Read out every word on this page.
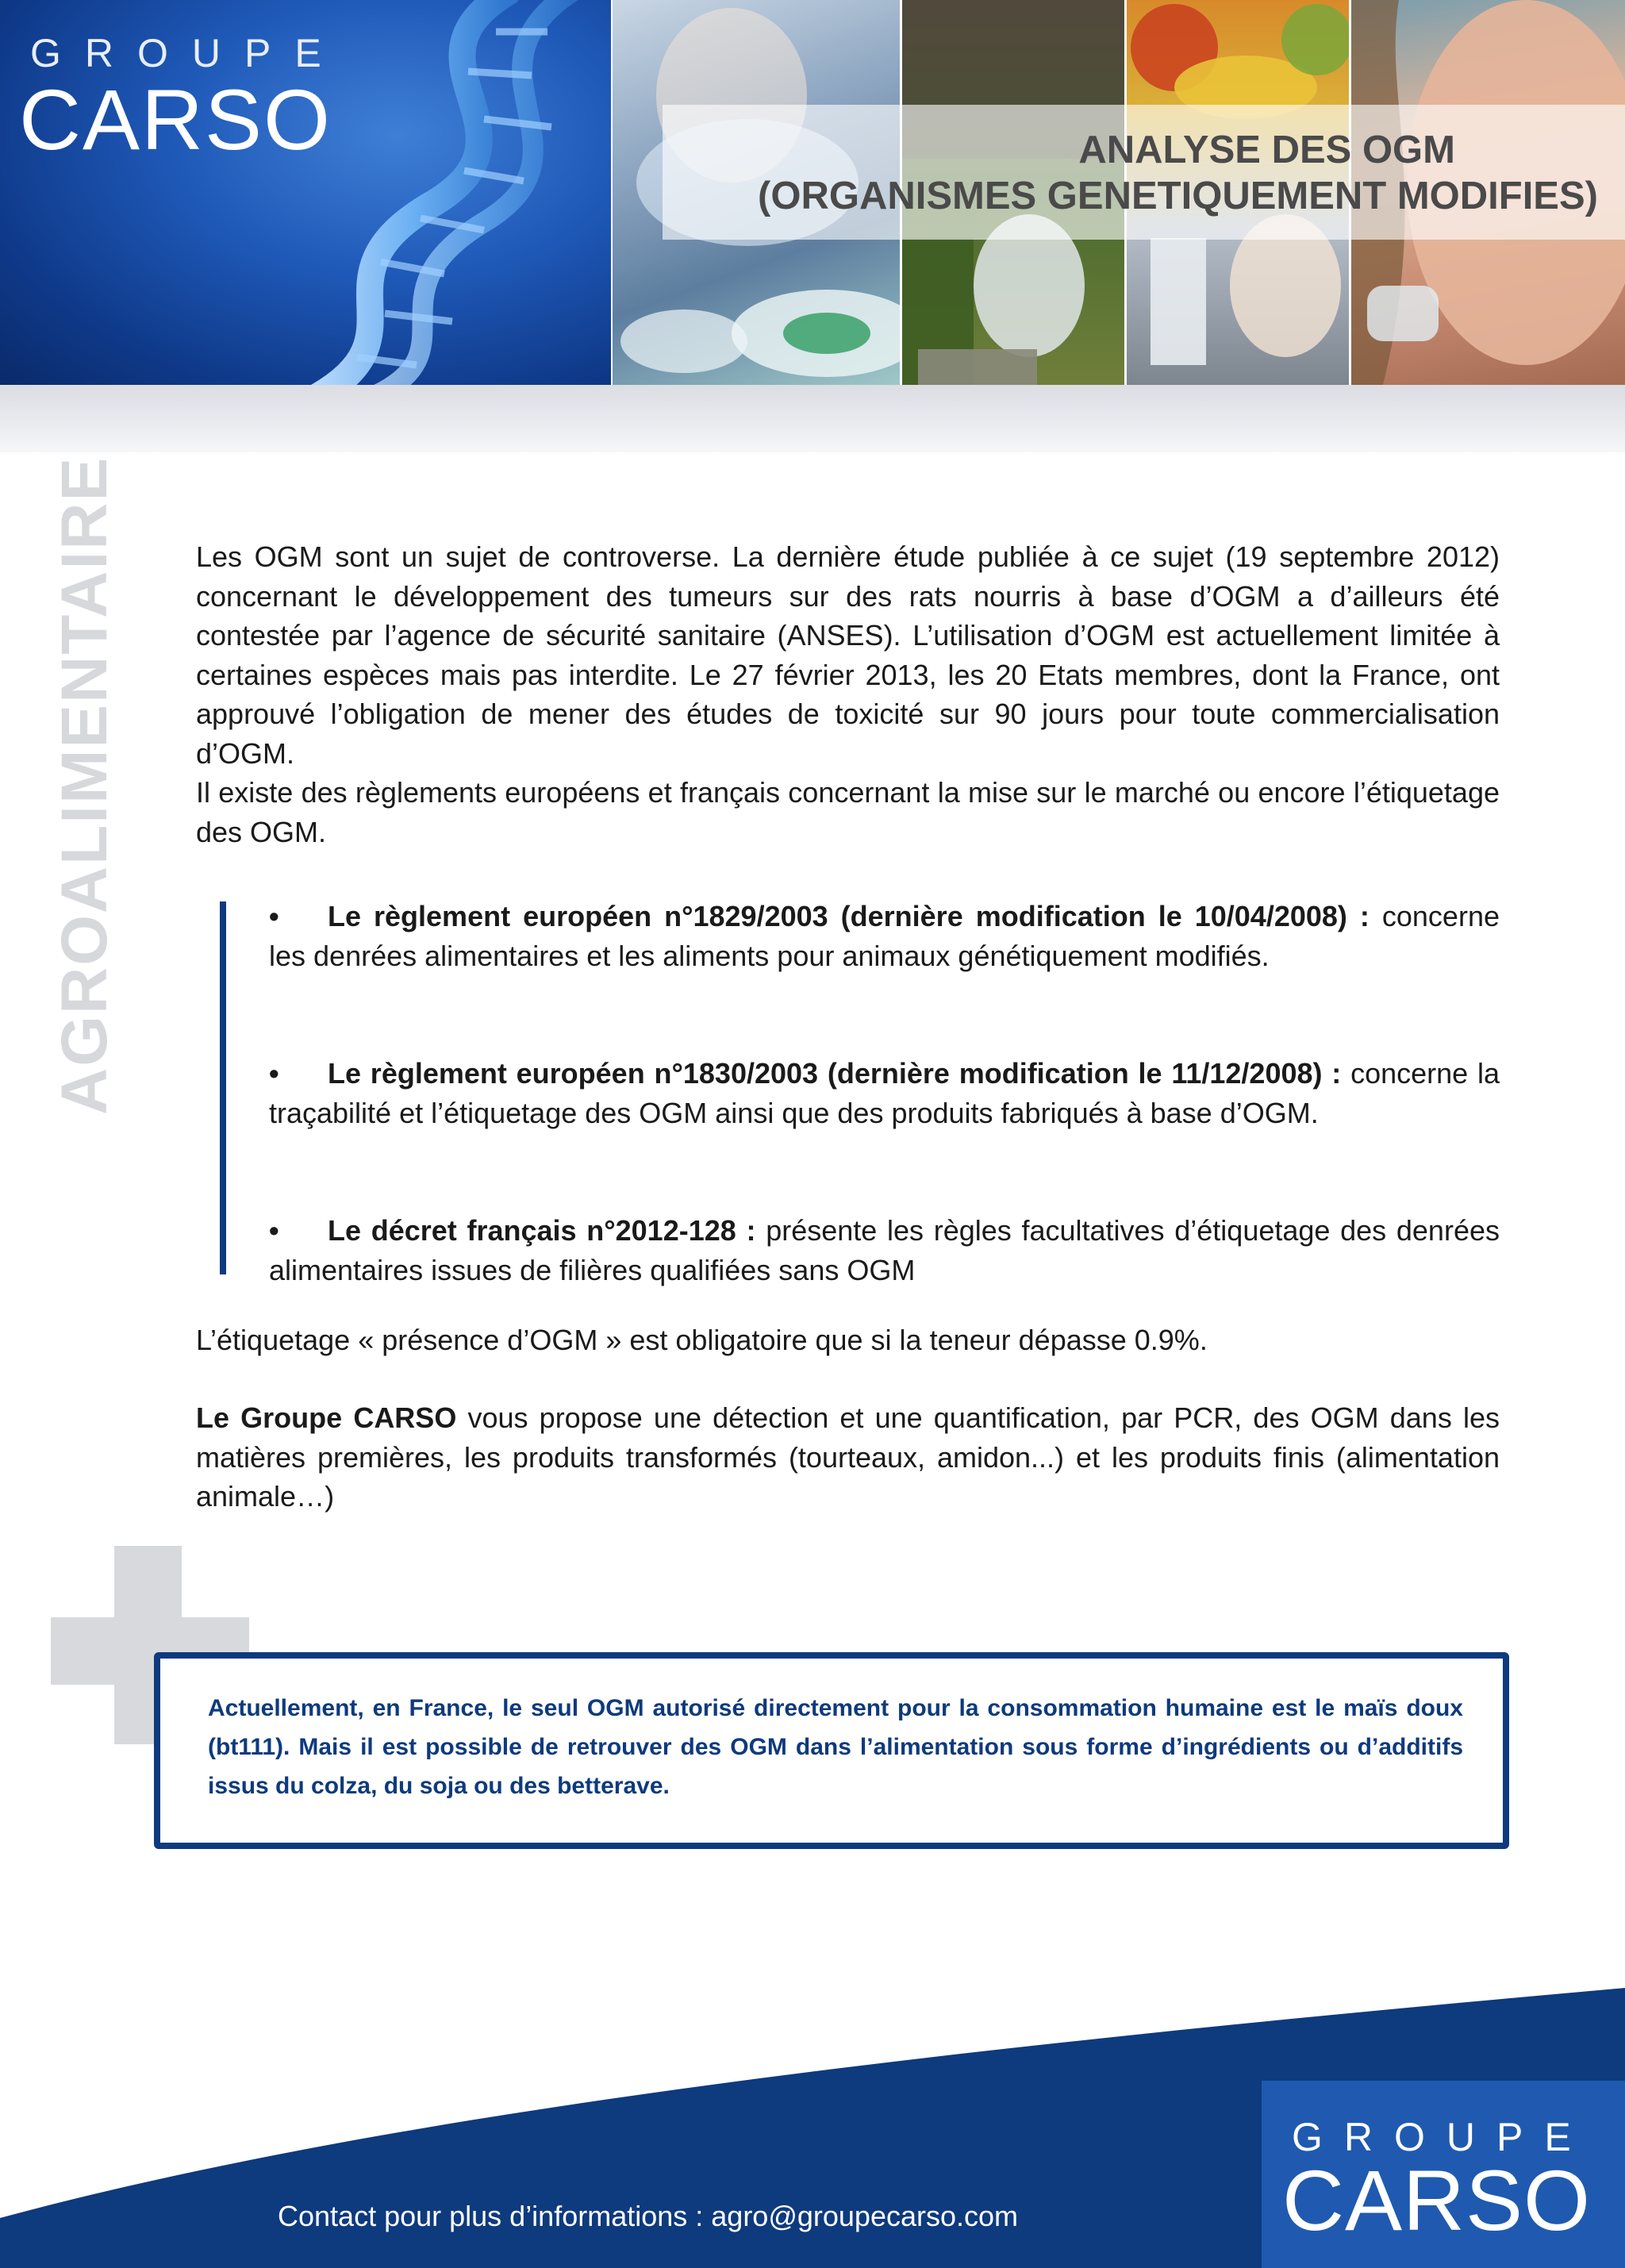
GROUPE
CARSO	ANALYSE DES OGM
(ORGANISMES GENETIQUEMENT MODIFIES)
AGROALIMENTAIRE	Les OGM sont un sujet de controverse. La dernière étude publiée à ce sujet (19 septembre 2012) concernant le développement des tumeurs sur des rats nourris à base d’OGM a d’ailleurs été contestée par l’agence de sécurité sanitaire (ANSES). L’utilisation d’OGM est actuellement limitée à certaines espèces mais pas interdite. Le 27 février 2013, les 20 Etats membres, dont la France, ont approuvé l’obligation de mener des études de toxicité sur 90 jours pour toute commercialisation d’OGM.

Il existe des règlements européens et français concernant la mise sur le marché ou encore l’étiquetage des OGM.

• Le règlement européen n°1829/2003 (dernière modification le 10/04/2008) : concerne les denrées alimentaires et les aliments pour animaux génétiquement modifiés.
• Le règlement européen n°1830/2003 (dernière modification le 11/12/2008) : concerne la traçabilité et l’étiquetage des OGM ainsi que des produits fabriqués à base d’OGM.
• Le décret français n°2012-128 : présente les règles facultatives d’étiquetage des denrées alimentaires issues de filières qualifiées sans OGM

L’étiquetage « présence d’OGM » est obligatoire que si la teneur dépasse 0.9%.

Le Groupe CARSO vous propose une détection et une quantification, par PCR, des OGM dans les matières premières, les produits transformés (tourteaux, amidon...) et les produits finis (alimentation animale…)

Actuellement, en France, le seul OGM autorisé directement pour la consommation humaine est le maïs doux (bt111). Mais il est possible de retrouver des OGM dans l’alimentation sous forme d’ingrédients ou d’additifs issus du colza, du soja ou des betterave.
GROUPE
CARSO
Contact pour plus d’informations : agro@groupecarso.com
